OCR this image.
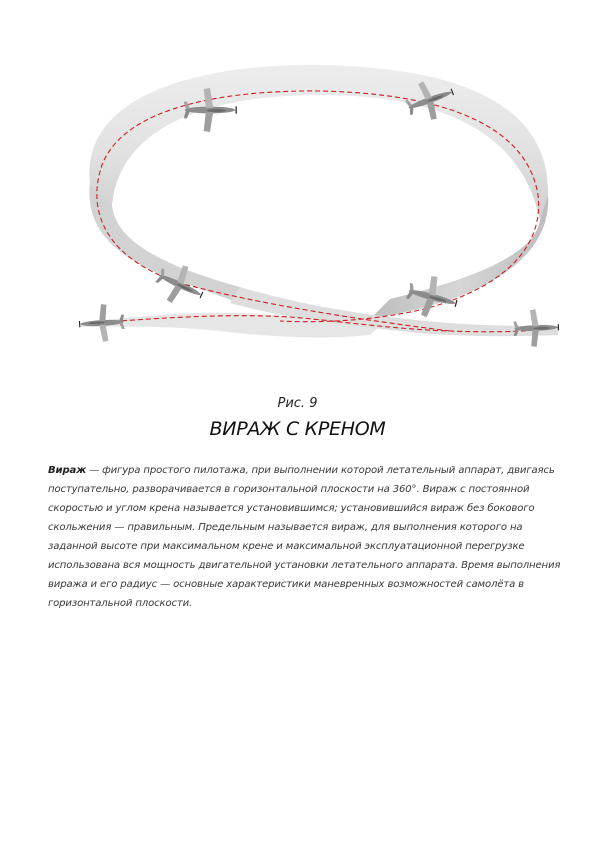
Рис. 9
ВИРАЖ С КРЕНОМ

Вираж — фигура простого пилотажа, при выполнении которой летательный аппарат, двигаясь поступательно, разворачивается в горизонтальной плоскости на 360°. Вираж с постоянной скоростью и углом крена называется установившимся; установившийся вираж без бокового скольжения — правильным. Предельным называется вираж, для выполнения которого на заданной высоте при максимальном крене и максимальной эксплуатационной перегрузке использована вся мощность двигательной установки летательного аппарата. Время выполнения виража и его радиус — основные характеристики маневренных возможностей самолёта в горизонтальной плоскости.
